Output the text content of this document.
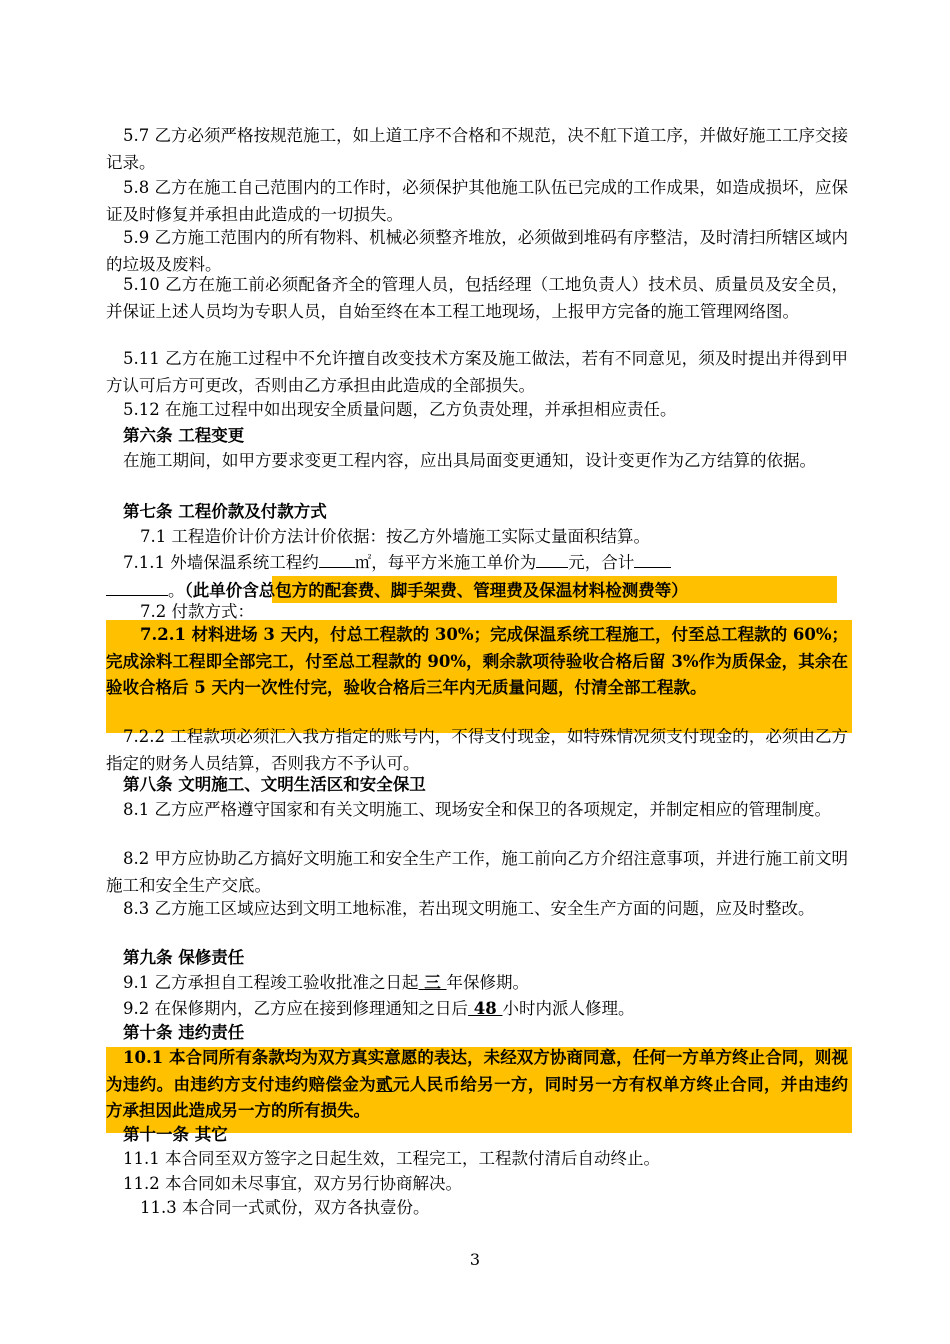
5.7 乙方必须严格按规范施工，如上道工序不合格和不规范，决不舡下道工序，并做好施工工序交接记录。
5.8 乙方在施工自己范围内的工作时，必须保护其他施工队伍已完成的工作成果，如造成损坏，应保证及时修复并承担由此造成的一切损失。
5.9 乙方施工范围内的所有物料、机械必须整齐堆放，必须做到堆码有序整洁，及时清扫所辖区域内的垃圾及废料。
5.10 乙方在施工前必须配备齐全的管理人员，包括经理（工地负责人）技术员、质量员及安全员，并保证上述人员均为专职人员，自始至终在本工程工地现场，上报甲方完备的施工管理网络图。
5.11 乙方在施工过程中不允许擅自改变技术方案及施工做法，若有不同意见，须及时提出并得到甲方认可后方可更改，否则由乙方承担由此造成的全部损失。
5.12 在施工过程中如出现安全质量问题，乙方负责处理，并承担相应责任。
第六条 工程变更
在施工期间，如甲方要求变更工程内容，应出具局面变更通知，设计变更作为乙方结算的依据。
第七条 工程价款及付款方式
7.1 工程造价计价方法计价依据：按乙方外墙施工实际丈量面积结算。
7.1.1 外墙保温系统工程约 ㎡，每平方米施工单价为 元，合计
。（此单价含总包方的配套费、脚手架费、管理费及保温材料检测费等）
7.2 付款方式：
7.2.1 材料进场 3 天内，付总工程款的 30%；完成保温系统工程施工，付至总工程款的 60%；完成涂料工程即全部完工，付至总工程款的 90%，剩余款项待验收合格后留 3%作为质保金，其余在验收合格后 5 天内一次性付完，验收合格后三年内无质量问题，付清全部工程款。
7.2.2 工程款项必须汇入我方指定的账号内，不得支付现金，如特殊情况须支付现金的，必须由乙方指定的财务人员结算，否则我方不予认可。
第八条 文明施工、文明生活区和安全保卫
8.1 乙方应严格遵守国家和有关文明施工、现场安全和保卫的各项规定，并制定相应的管理制度。
8.2 甲方应协助乙方搞好文明施工和安全生产工作，施工前向乙方介绍注意事项，并进行施工前文明施工和安全生产交底。
8.3 乙方施工区域应达到文明工地标准，若出现文明施工、安全生产方面的问题，应及时整改。
第九条 保修责任
9.1 乙方承担自工程竣工验收批准之日起 三 年保修期。
9.2 在保修期内，乙方应在接到修理通知之日后 48 小时内派人修理。
第十条 违约责任
10.1 本合同所有条款均为双方真实意愿的表达，未经双方协商同意，任何一方单方终止合同，则视为违约。由违约方支付违约赔偿金为贰元人民币给另一方，同时另一方有权单方终止合同，并由违约方承担因此造成另一方的所有损失。
第十一条 其它
11.1 本合同至双方签字之日起生效，工程完工，工程款付清后自动终止。
11.2 本合同如未尽事宜，双方另行协商解决。
11.3 本合同一式贰份，双方各执壹份。
3
